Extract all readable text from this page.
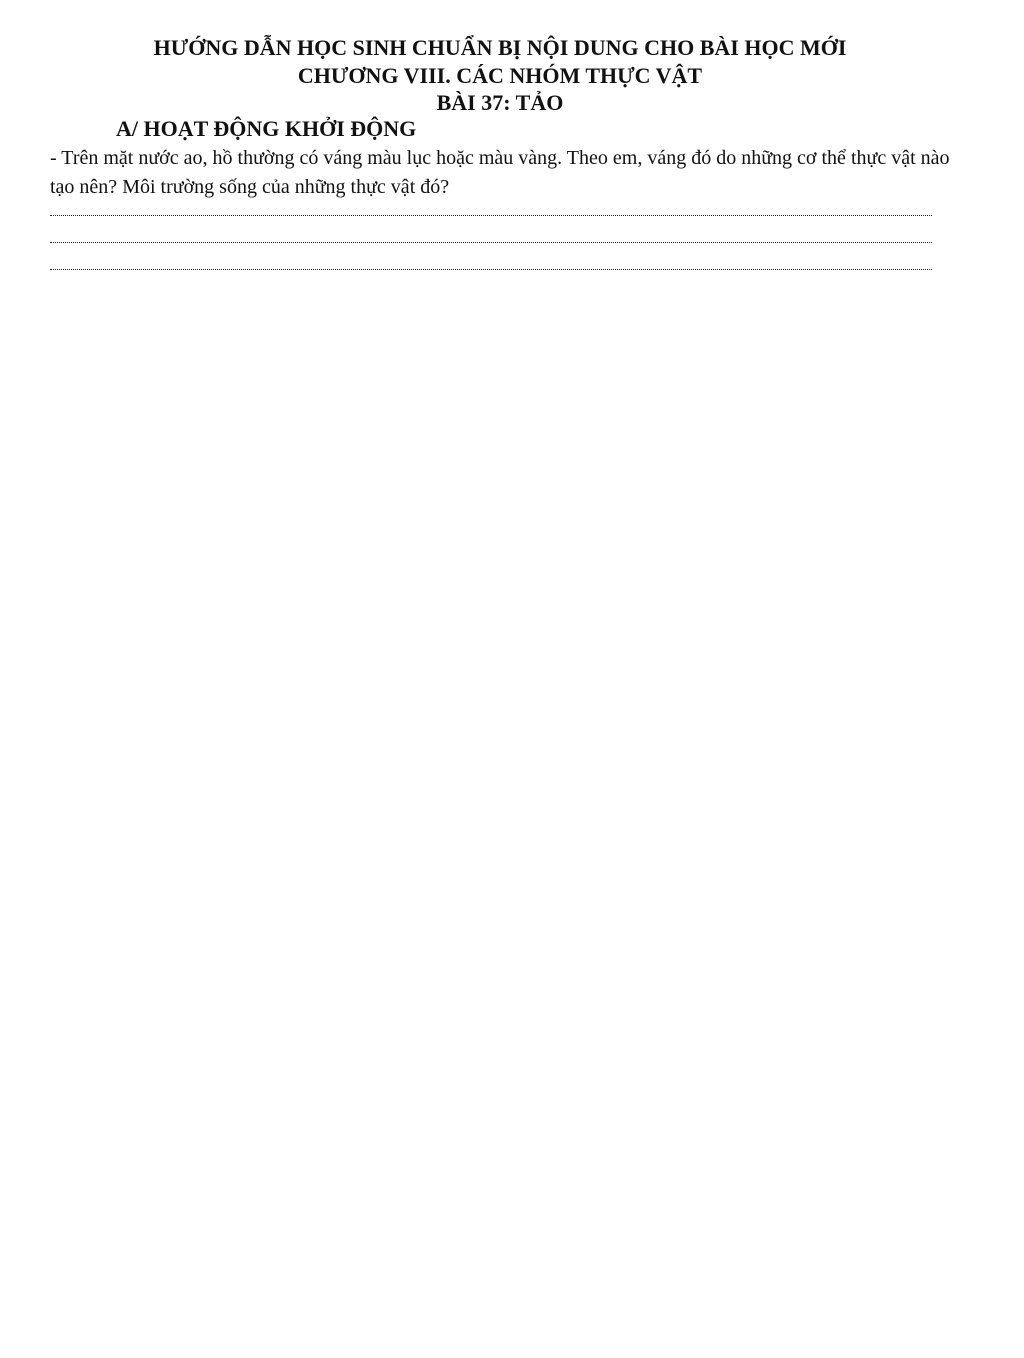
HƯỚNG DẪN HỌC SINH CHUẨN BỊ NỘI DUNG CHO BÀI HỌC MỚI
CHƯƠNG VIII. CÁC NHÓM THỰC VẬT
BÀI 37: TẢO
A/ HOẠT ĐỘNG KHỞI ĐỘNG
- Trên mặt nước ao, hồ thường có váng màu lục hoặc màu vàng. Theo em, váng đó do những cơ thể thực vật nào tạo nên? Môi trường sống của những thực vật đó?
